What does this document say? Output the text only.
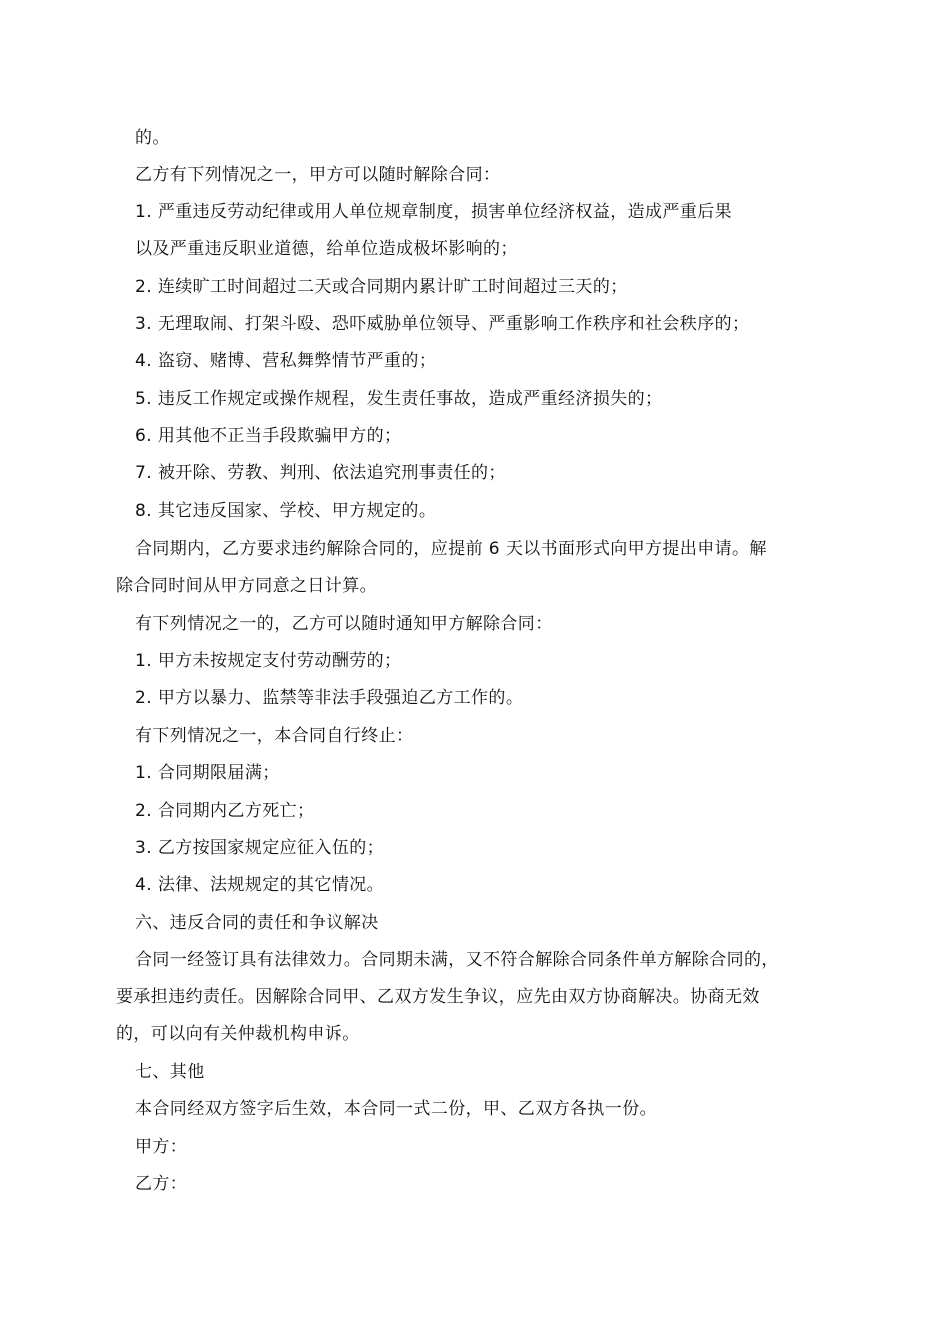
的。
乙方有下列情况之一，甲方可以随时解除合同：
1. 严重违反劳动纪律或用人单位规章制度，损害单位经济权益，造成严重后果
以及严重违反职业道德，给单位造成极坏影响的；
2. 连续旷工时间超过二天或合同期内累计旷工时间超过三天的；
3. 无理取闹、打架斗殴、恐吓威胁单位领导、严重影响工作秩序和社会秩序的；
4. 盗窃、赌博、营私舞弊情节严重的；
5. 违反工作规定或操作规程，发生责任事故，造成严重经济损失的；
6. 用其他不正当手段欺骗甲方的；
7. 被开除、劳教、判刑、依法追究刑事责任的；
8. 其它违反国家、学校、甲方规定的。
合同期内，乙方要求违约解除合同的，应提前 6 天以书面形式向甲方提出申请。解
除合同时间从甲方同意之日计算。
有下列情况之一的，乙方可以随时通知甲方解除合同：
1. 甲方未按规定支付劳动酬劳的；
2. 甲方以暴力、监禁等非法手段强迫乙方工作的。
有下列情况之一，本合同自行终止：
1. 合同期限届满；
2. 合同期内乙方死亡；
3. 乙方按国家规定应征入伍的；
4. 法律、法规规定的其它情况。
六、违反合同的责任和争议解决
合同一经签订具有法律效力。合同期未满，又不符合解除合同条件单方解除合同的，
要承担违约责任。因解除合同甲、乙双方发生争议，应先由双方协商解决。协商无效
的，可以向有关仲裁机构申诉。
七、其他
本合同经双方签字后生效，本合同一式二份，甲、乙双方各执一份。
甲方：
乙方：
